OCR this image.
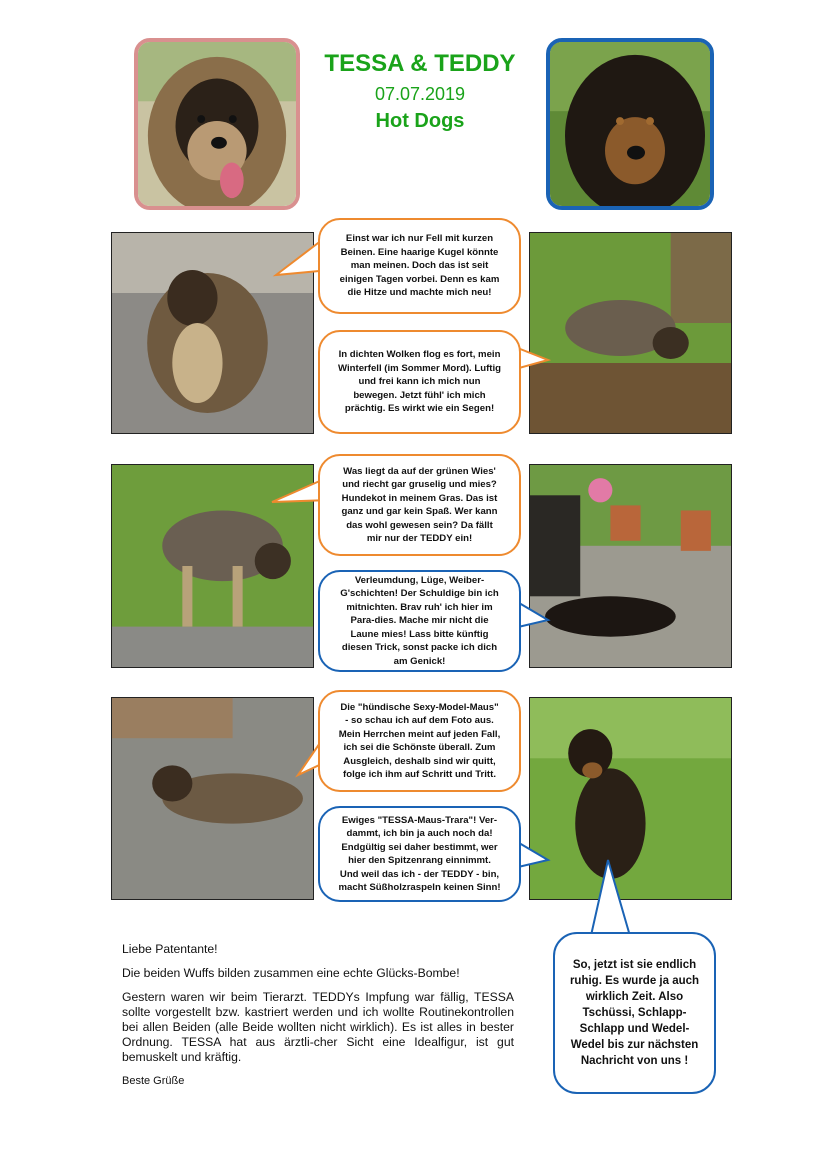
TESSA & TEDDY
07.07.2019
Hot Dogs
Einst war ich nur Fell mit kurzen Beinen. Eine haarige Kugel könnte man meinen. Doch das ist seit einigen Tagen vorbei. Denn es kam die Hitze und machte mich neu!
In dichten Wolken flog es fort, mein Winterfell (im Sommer Mord). Luftig und frei kann ich mich nun bewegen. Jetzt fühl' ich mich prächtig. Es wirkt wie ein Segen!
Was liegt da auf der grünen Wies' und riecht gar gruselig und mies? Hundekot in meinem Gras. Das ist ganz und gar kein Spaß. Wer kann das wohl gewesen sein? Da fällt mir nur der TEDDY ein!
Verleumdung, Lüge, Weiber-G'schichten! Der Schuldige bin ich mitnichten. Brav ruh' ich hier im Para-dies. Mache mir nicht die Laune mies! Lass bitte künftig diesen Trick, sonst packe ich dich am Genick!
Die "hündische Sexy-Model-Maus" - so schau ich auf dem Foto aus. Mein Herrchen meint auf jeden Fall, ich sei die Schönste überall. Zum Ausgleich, deshalb sind wir quitt, folge ich ihm auf Schritt und Tritt.
Ewiges "TESSA-Maus-Trara"! Ver-dammt, ich bin ja auch noch da! Endgültig sei daher bestimmt, wer hier den Spitzenrang einnimmt. Und weil das ich - der TEDDY - bin, macht Süßholzraspeln keinen Sinn!
So, jetzt ist sie endlich ruhig. Es wurde ja auch wirklich Zeit. Also Tschüssi, Schlapp-Schlapp und Wedel-Wedel bis zur nächsten Nachricht von uns !

Liebe Patentante!

Die beiden Wuffs bilden zusammen eine echte Glücks-Bombe!

Gestern waren wir beim Tierarzt. TEDDYs Impfung war fällig, TESSA sollte vorgestellt bzw. kastriert werden und ich wollte Routinekontrollen bei allen Beiden (alle Beide wollten nicht wirklich). Es ist alles in bester Ordnung. TESSA hat aus ärztli-cher Sicht eine Idealfigur, ist gut bemuskelt und kräftig.

Beste Grüße
